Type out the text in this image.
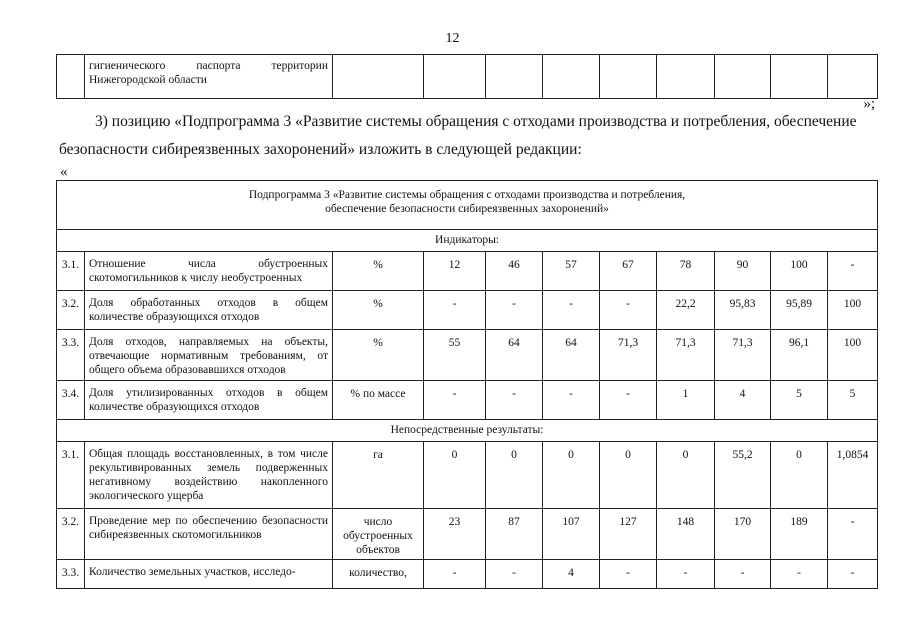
12
	гигиенического паспорта территории Нижегородской области									
»;
3) позицию «Подпрограмма 3 «Развитие системы обращения с отходами производства и потребления, обеспечение
безопасности сибиреязвенных захоронений» изложить в следующей редакции:
«
Подпрограмма 3 «Развитие системы обращения с отходами производства и потребления,
обеспечение безопасности сибиреязвенных захоронений»										

Индикаторы:										
3.1.	Отношение числа обустроенных скотомогильников к числу необустроенных	%	12	46	57	67	78	90	100	-
3.2.	Доля обработанных отходов в общем количестве образующихся отходов	%	-	-	-	-	22,2	95,83	95,89	100
3.3.	Доля отходов, направляемых на объекты, отвечающие нормативным требованиям, от общего объема образовавшихся отходов	%	55	64	64	71,3	71,3	71,3	96,1	100
3.4.	Доля утилизированных отходов в общем количестве образующихся отходов	% по массе	-	-	-	-	1	4	5	5
Непосредственные результаты:										
3.1.	Общая площадь восстановленных, в том числе рекультивированных земель подверженных негативному воздействию накопленного экологического ущерба	га	0	0	0	0	0	55,2	0	1,0854
3.2.	Проведение мер по обеспечению безопасности сибиреязвенных скотомогильников	число обустроенных объектов	23	87	107	127	148	170	189	-
3.3.	Количество земельных участков, исследо-	количество,	-	-	4	-	-	-	-	-
